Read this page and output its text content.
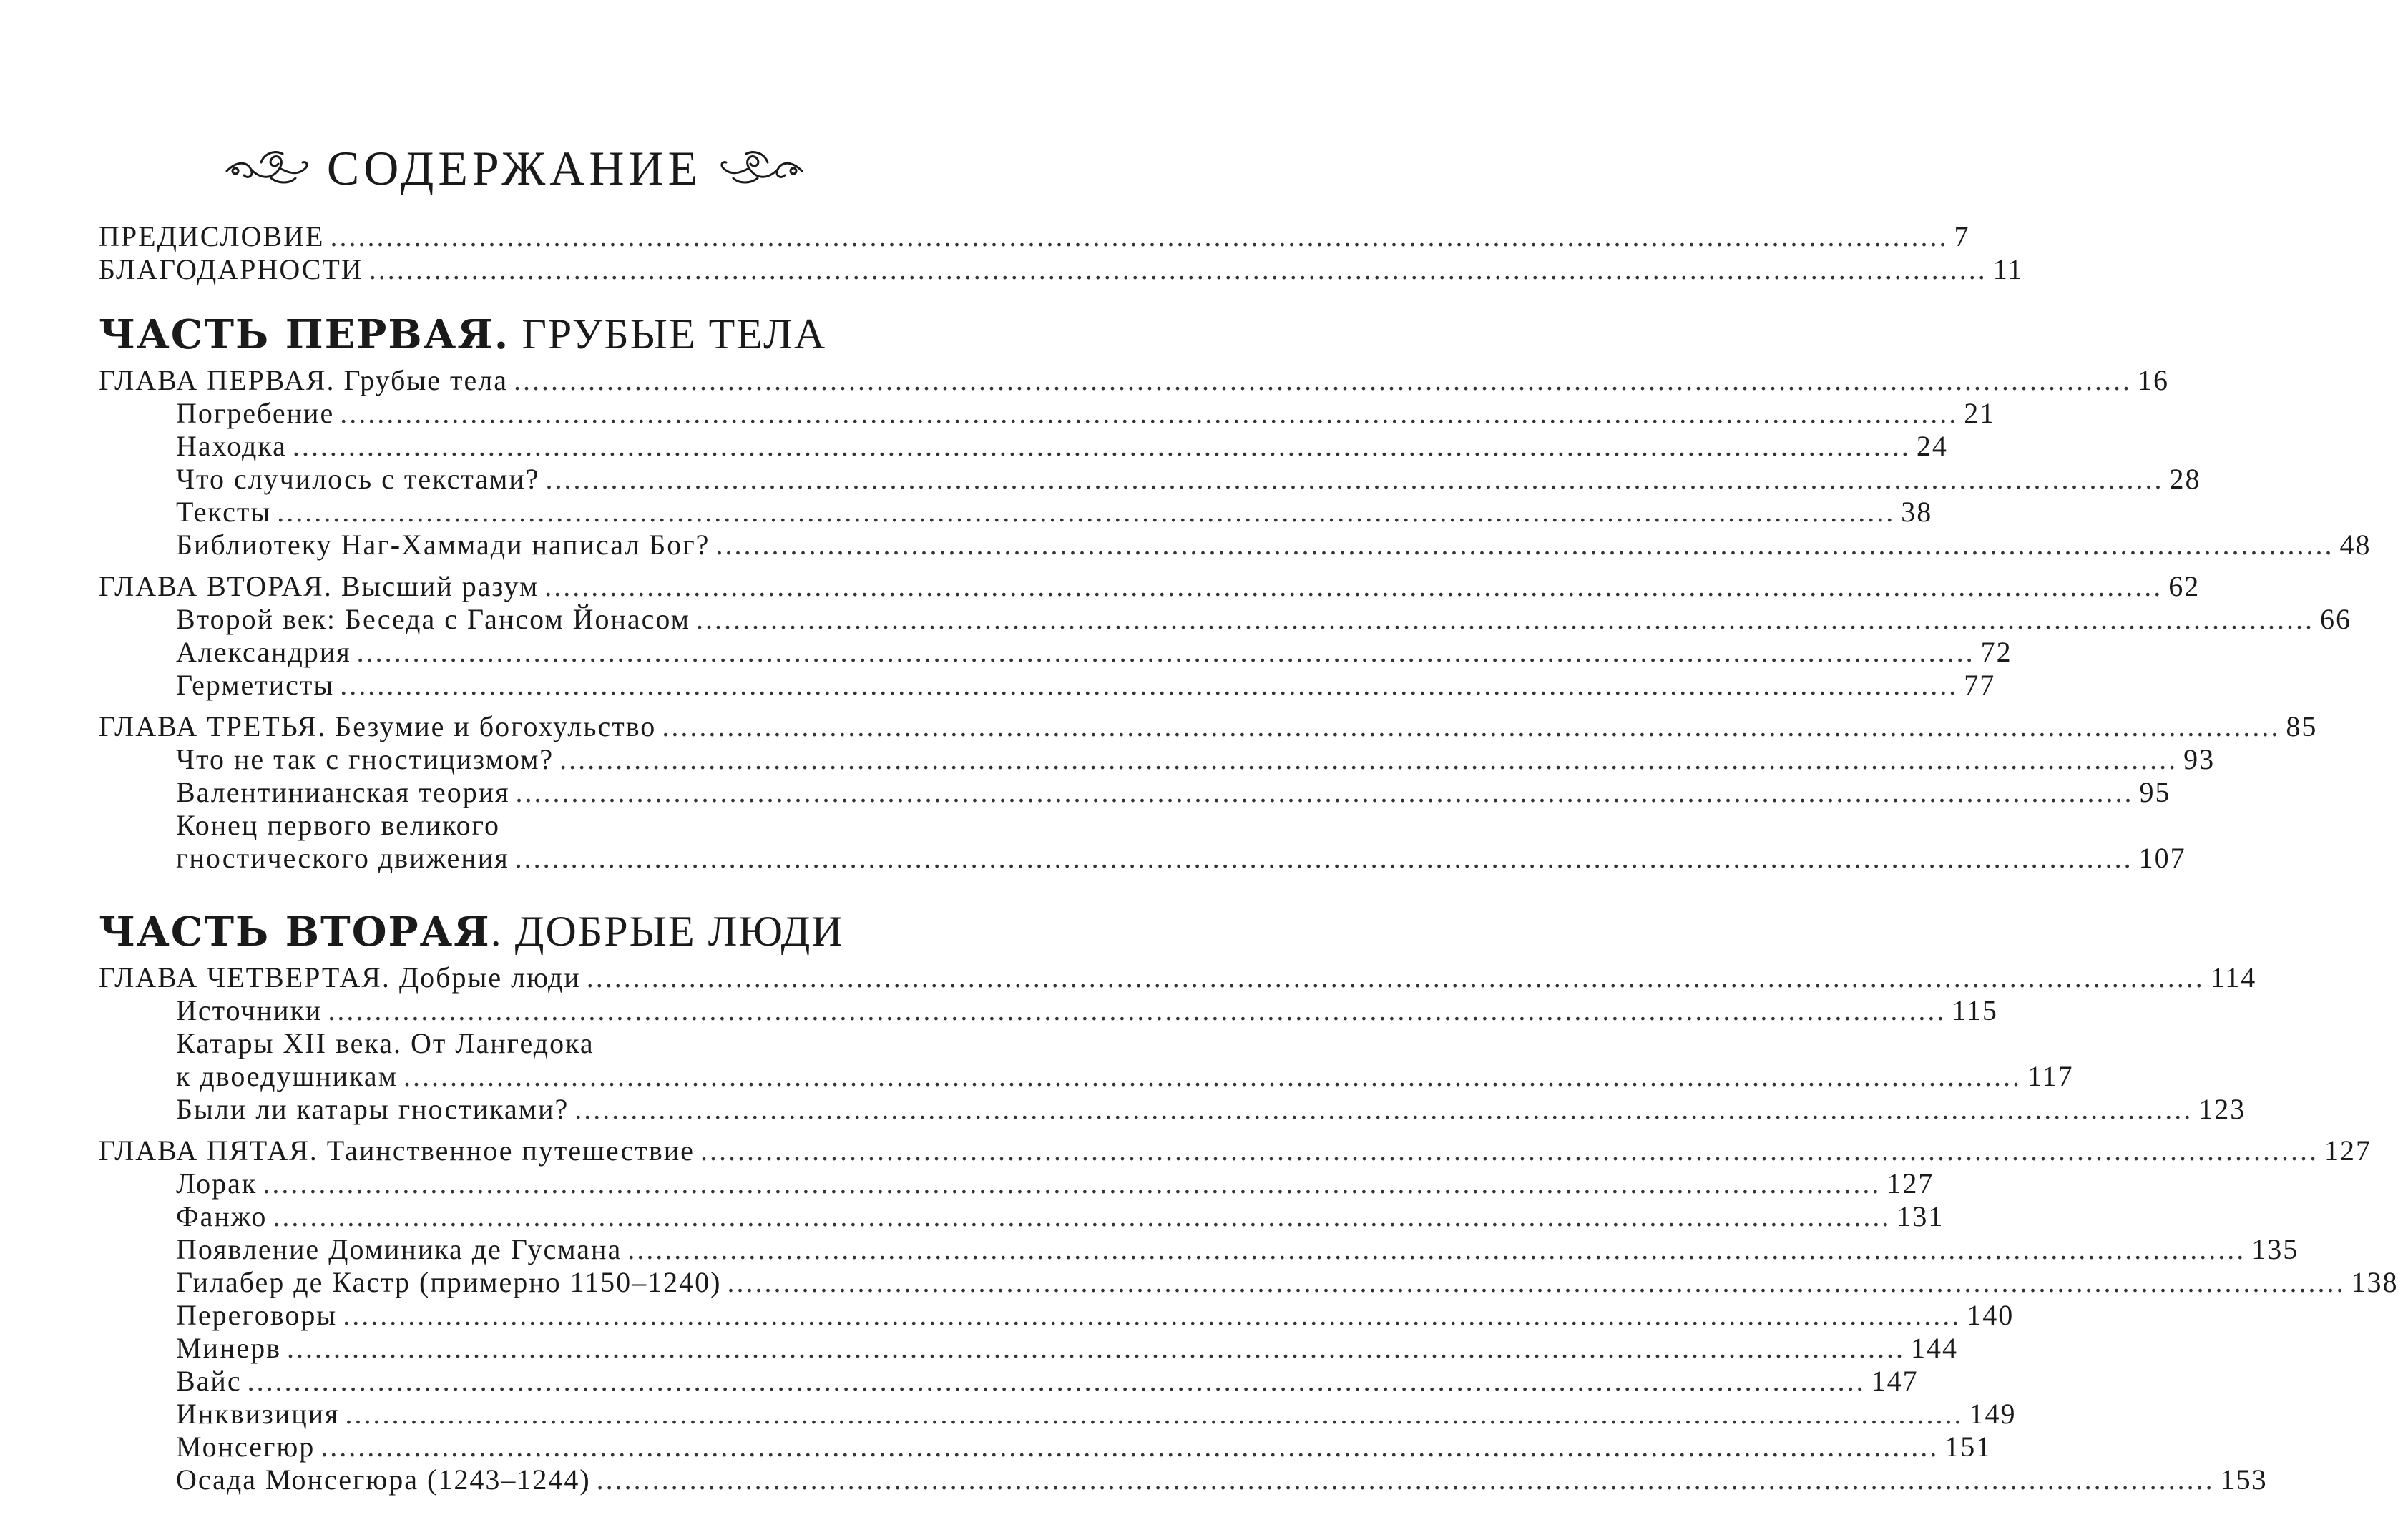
СОДЕРЖАНИЕ
ПРЕДИСЛОВИЕ .............................................................................................................................................................................. 7
БЛАГОДАРНОСТИ .............................................................................................................................................................................. 11
ЧАСТЬ ПЕРВАЯ. ГРУБЫЕ ТЕЛА
ГЛАВА ПЕРВАЯ. Грубые тела .............................................................................................................................................................................. 16
Погребение .............................................................................................................................................................................. 21
Находка .............................................................................................................................................................................. 24
Что случилось с текстами? .............................................................................................................................................................................. 28
Тексты .............................................................................................................................................................................. 38
Библиотеку Наг-Хаммади написал Бог? .............................................................................................................................................................................. 48
ГЛАВА ВТОРАЯ. Высший разум .............................................................................................................................................................................. 62
Второй век: Беседа с Гансом Йонасом .............................................................................................................................................................................. 66
Александрия .............................................................................................................................................................................. 72
Герметисты .............................................................................................................................................................................. 77
ГЛАВА ТРЕТЬЯ. Безумие и богохульство .............................................................................................................................................................................. 85
Что не так с гностицизмом? .............................................................................................................................................................................. 93
Валентинианская теория .............................................................................................................................................................................. 95
Конец первого великого
гностического движения .............................................................................................................................................................................. 107
ЧАСТЬ ВТОРАЯ. ДОБРЫЕ ЛЮДИ
ГЛАВА ЧЕТВЕРТАЯ. Добрые люди .............................................................................................................................................................................. 114
Источники .............................................................................................................................................................................. 115
Катары XII века. От Лангедока
к двоедушникам .............................................................................................................................................................................. 117
Были ли катары гностиками? .............................................................................................................................................................................. 123
ГЛАВА ПЯТАЯ. Таинственное путешествие .............................................................................................................................................................................. 127
Лорак .............................................................................................................................................................................. 127
Фанжо .............................................................................................................................................................................. 131
Появление Доминика де Гусмана .............................................................................................................................................................................. 135
Гилабер де Кастр (примерно 1150–1240) .............................................................................................................................................................................. 138
Переговоры .............................................................................................................................................................................. 140
Минерв .............................................................................................................................................................................. 144
Вайс .............................................................................................................................................................................. 147
Инквизиция .............................................................................................................................................................................. 149
Монсегюр .............................................................................................................................................................................. 151
Осада Монсегюра (1243–1244) .............................................................................................................................................................................. 153
